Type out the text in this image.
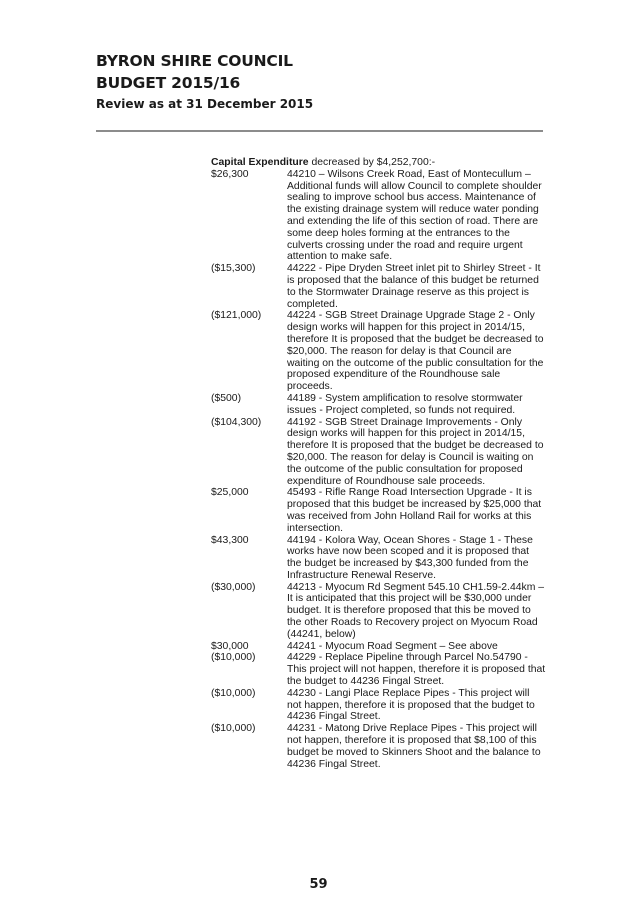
BYRON SHIRE COUNCIL
BUDGET 2015/16
Review as at 31 December 2015
Capital Expenditure decreased by $4,252,700:-
$26,300	44210 – Wilsons Creek Road, East of Montecullum – Additional funds will allow Council to complete shoulder sealing to improve school bus access. Maintenance of the existing drainage system will reduce water ponding and extending the life of this section of road. There are some deep holes forming at the entrances to the culverts crossing under the road and require urgent attention to make safe.
($15,300)	44222 - Pipe Dryden Street inlet pit to Shirley Street - It is proposed that the balance of this budget be returned to the Stormwater Drainage reserve as this project is completed.
($121,000)	44224 - SGB Street Drainage Upgrade Stage 2 - Only design works will happen for this project in 2014/15, therefore It is proposed that the budget be decreased to $20,000. The reason for delay is that Council are waiting on the outcome of the public consultation for the proposed expenditure of the Roundhouse sale proceeds.
($500)	44189 - System amplification to resolve stormwater issues - Project completed, so funds not required.
($104,300)	44192 - SGB Street Drainage Improvements - Only design works will happen for this project in 2014/15, therefore It is proposed that the budget be decreased to $20,000. The reason for delay is Council is waiting on the outcome of the public consultation for proposed expenditure of Roundhouse sale proceeds.
$25,000	45493 - Rifle Range Road Intersection Upgrade - It is proposed that this budget be increased by $25,000 that was received from John Holland Rail for works at this intersection.
$43,300	44194 - Kolora Way, Ocean Shores - Stage 1 - These works have now been scoped and it is proposed that the budget be increased by $43,300 funded from the Infrastructure Renewal Reserve.
($30,000)	44213 - Myocum Rd Segment 545.10 CH1.59-2.44km – It is anticipated that this project will be $30,000 under budget. It is therefore proposed that this be moved to the other Roads to Recovery project on Myocum Road (44241, below)
$30,000	44241 - Myocum Road Segment – See above
($10,000)	44229 - Replace Pipeline through Parcel No.54790 - This project will not happen, therefore it is proposed that the budget to 44236 Fingal Street.
($10,000)	44230 - Langi Place Replace Pipes - This project will not happen, therefore it is proposed that the budget to 44236 Fingal Street.
($10,000)	44231 - Matong Drive Replace Pipes - This project will not happen, therefore it is proposed that $8,100 of this budget be moved to Skinners Shoot and the balance to 44236 Fingal Street.
59
